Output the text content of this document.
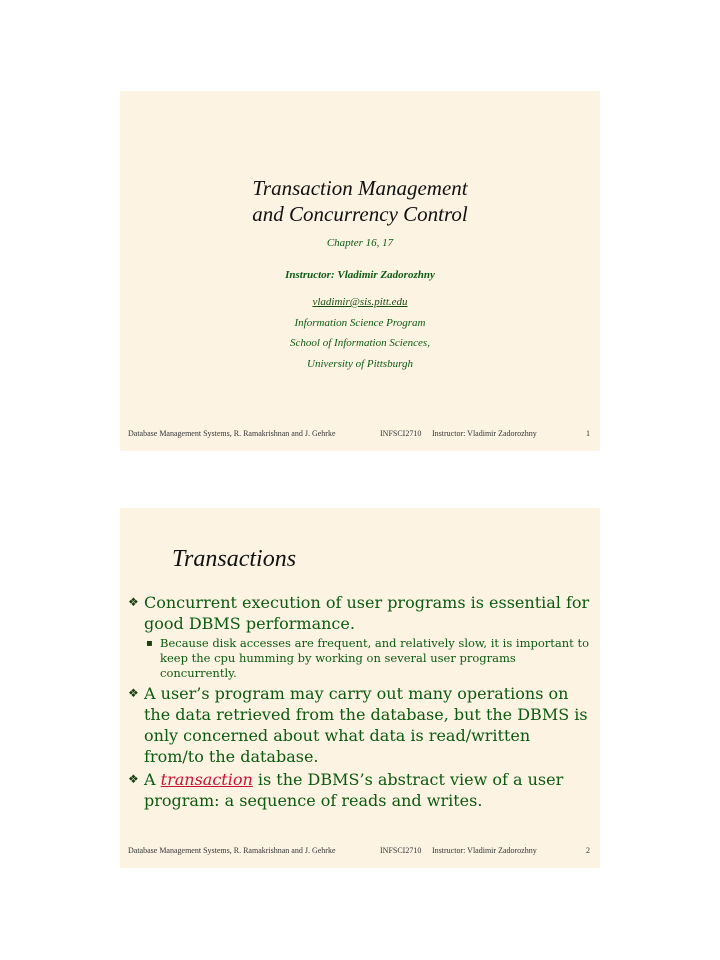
Transaction Management
and Concurrency Control
Chapter 16, 17
Instructor: Vladimir Zadorozhny
vladimir@sis.pitt.edu
Information Science Program
School of Information Sciences,
University of Pittsburgh
Database Management Systems, R. Ramakrishnan and J. Gehrke	INFSCI2710 Instructor: Vladimir Zadorozhny	1
Transactions
❖ Concurrent execution of user programs is essential for good DBMS performance.
▪ Because disk accesses are frequent, and relatively slow, it is important to keep the cpu humming by working on several user programs concurrently.
❖ A user’s program may carry out many operations on the data retrieved from the database, but the DBMS is only concerned about what data is read/written from/to the database.
❖ A transaction is the DBMS’s abstract view of a user program: a sequence of reads and writes.
Database Management Systems, R. Ramakrishnan and J. Gehrke	INFSCI2710 Instructor: Vladimir Zadorozhny	2
